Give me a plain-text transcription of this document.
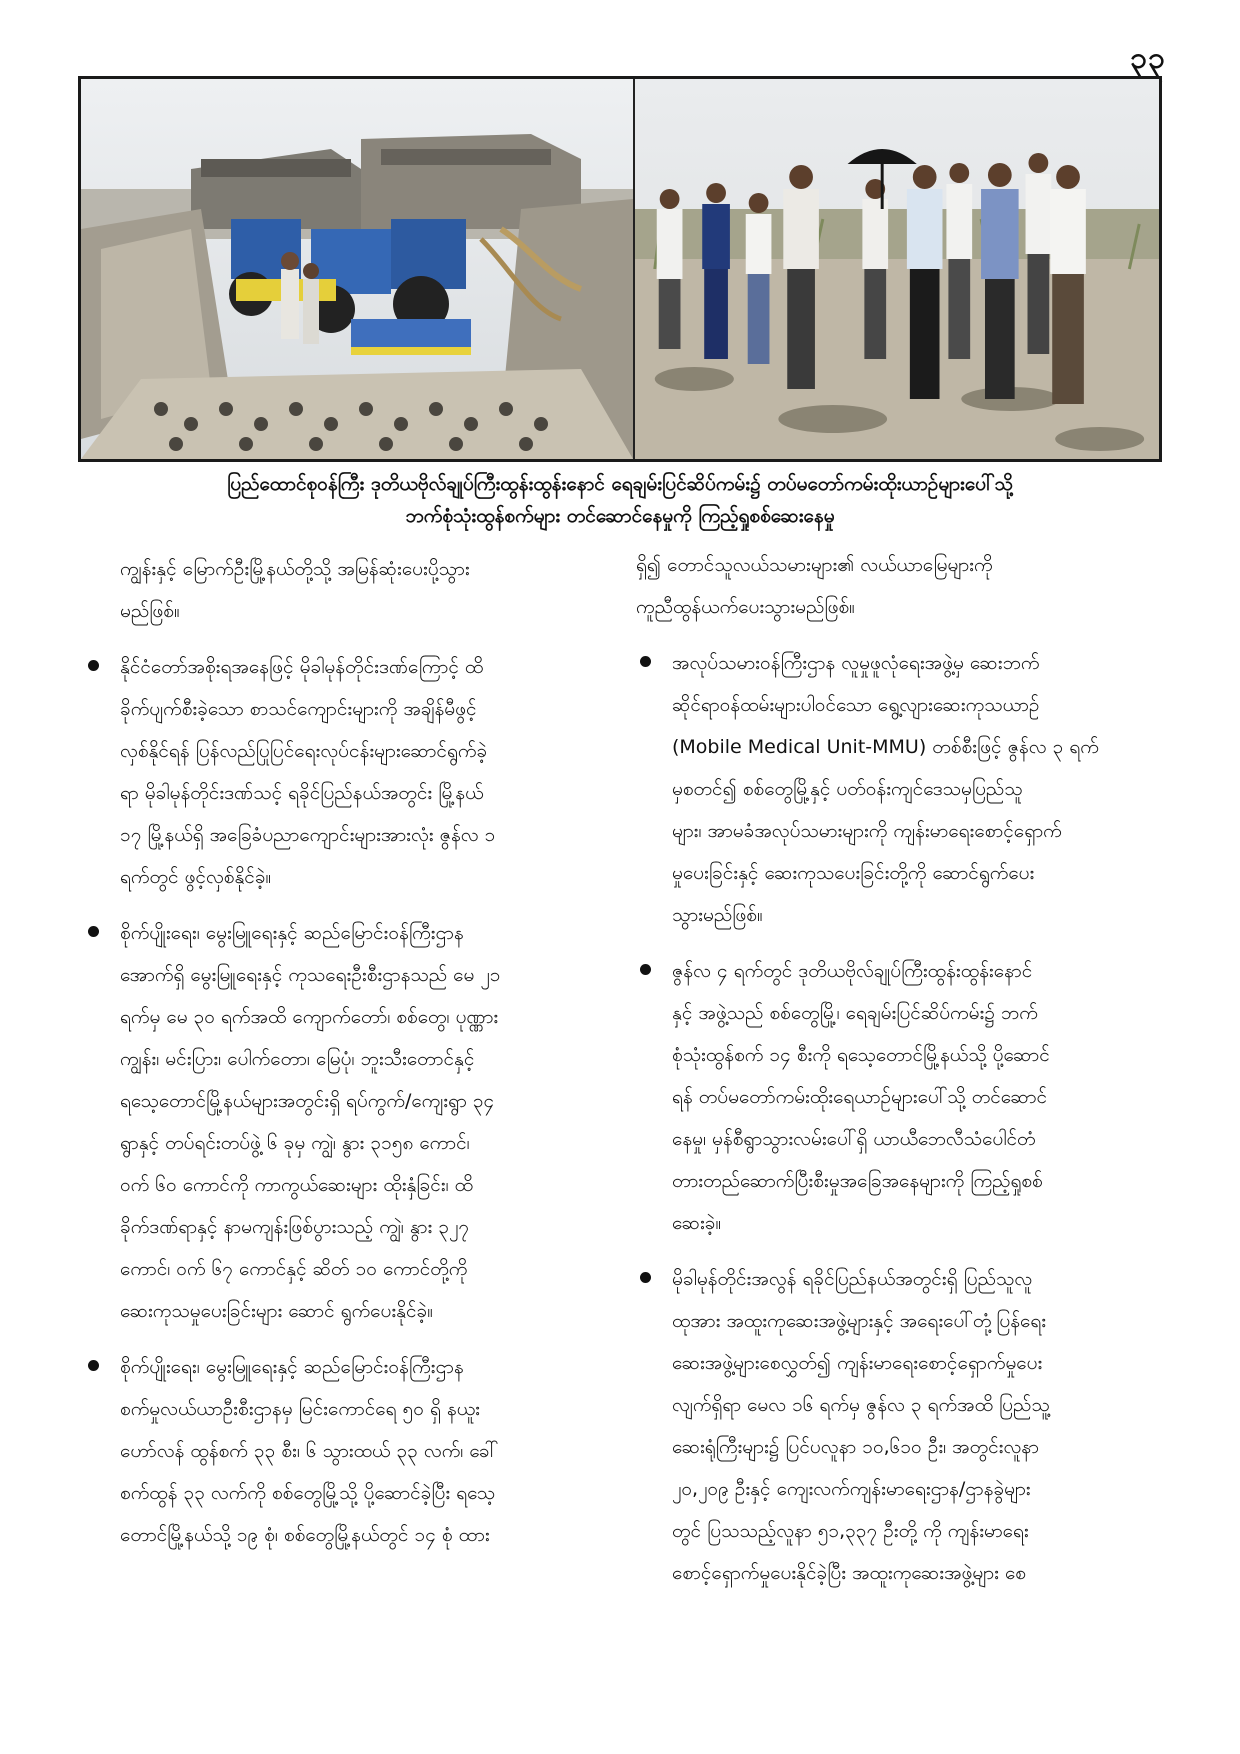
၃၃
ပြည်ထောင်စုဝန်ကြီး ဒုတိယဗိုလ်ချုပ်ကြီးထွန်းထွန်းနောင် ရေချမ်းပြင်ဆိပ်ကမ်း၌ တပ်မတော်ကမ်းထိုးယာဉ်များပေါ်သို့
ဘက်စုံသုံးထွန်စက်များ တင်ဆောင်နေမှုကို ကြည့်ရှုစစ်ဆေးနေမှု
ကျွန်းနှင့် မြောက်ဦးမြို့နယ်တို့သို့ အမြန်ဆုံးပေးပို့သွား
မည်ဖြစ်။
နိုင်ငံတော်အစိုးရအနေဖြင့် မိုခါမုန်တိုင်းဒဏ်ကြောင့် ထိ
ခိုက်ပျက်စီးခဲ့သော စာသင်ကျောင်းများကို အချိန်မီဖွင့်
လှစ်နိုင်ရန် ပြန်လည်ပြုပြင်ရေးလုပ်ငန်းများဆောင်ရွက်ခဲ့
ရာ မိုခါမုန်တိုင်းဒဏ်သင့် ရခိုင်ပြည်နယ်အတွင်း မြို့နယ်
၁၇ မြို့နယ်ရှိ အခြေခံပညာကျောင်းများအားလုံး ဇွန်လ ၁
ရက်တွင် ဖွင့်လှစ်နိုင်ခဲ့။
စိုက်ပျိုးရေး၊ မွေးမြူရေးနှင့် ဆည်မြောင်းဝန်ကြီးဌာန
အောက်ရှိ မွေးမြူရေးနှင့် ကုသရေးဦးစီးဌာနသည် မေ ၂၁
ရက်မှ မေ ၃၀ ရက်အထိ ကျောက်တော်၊ စစ်တွေ၊ ပုဏ္ဏား
ကျွန်း၊ မင်းပြား၊ ပေါက်တော၊ မြေပုံ၊ ဘူးသီးတောင်နှင့်
ရသေ့တောင်မြို့နယ်များအတွင်းရှိ ရပ်ကွက်/ကျေးရွာ ၃၄
ရွာနှင့် တပ်ရင်းတပ်ဖွဲ့ ၆ ခုမှ ကျွဲ၊ နွား ၃၁၅၈ ကောင်၊
ဝက် ၆၀ ကောင်ကို ကာကွယ်ဆေးများ ထိုးနှံခြင်း၊ ထိ
ခိုက်ဒဏ်ရာနှင့် နာမကျန်းဖြစ်ပွားသည့် ကျွဲ၊ နွား ၃၂၇
ကောင်၊ ဝက် ၆၇ ကောင်နှင့် ဆိတ် ၁၀ ကောင်တို့ကို
ဆေးကုသမှုပေးခြင်းများ ဆောင် ရွက်ပေးနိုင်ခဲ့။
စိုက်ပျိုးရေး၊ မွေးမြူရေးနှင့် ဆည်မြောင်းဝန်ကြီးဌာန
စက်မှုလယ်ယာဦးစီးဌာနမှ မြင်းကောင်ရေ ၅၀ ရှိ နယူး
ဟော်လန် ထွန်စက် ၃၃ စီး၊ ၆ သွားထယ် ၃၃ လက်၊ ခေါ်
စက်ထွန် ၃၃ လက်ကို စစ်တွေမြို့သို့ ပို့ဆောင်ခဲ့ပြီး ရသေ့
တောင်မြို့နယ်သို့ ၁၉ စုံ၊ စစ်တွေမြို့နယ်တွင် ၁၄ စုံ ထား
ရှိ၍ တောင်သူလယ်သမားများ၏ လယ်ယာမြေများကို
ကူညီထွန်ယက်ပေးသွားမည်ဖြစ်။
အလုပ်သမားဝန်ကြီးဌာန လူမှုဖူလုံရေးအဖွဲ့မှ ဆေးဘက်
ဆိုင်ရာဝန်ထမ်းများပါဝင်သော ရွေ့လျားဆေးကုသယာဉ်
(Mobile Medical Unit-MMU) တစ်စီးဖြင့် ဇွန်လ ၃ ရက်
မှစတင်၍ စစ်တွေမြို့နှင့် ပတ်ဝန်းကျင်ဒေသမှပြည်သူ
များ၊ အာမခံအလုပ်သမားများကို ကျန်းမာရေးစောင့်ရှောက်
မှုပေးခြင်းနှင့် ဆေးကုသပေးခြင်းတို့ကို ဆောင်ရွက်ပေး
သွားမည်ဖြစ်။
ဇွန်လ ၄ ရက်တွင် ဒုတိယဗိုလ်ချုပ်ကြီးထွန်းထွန်းနောင်
နှင့် အဖွဲ့သည် စစ်တွေမြို့၊ ရေချမ်းပြင်ဆိပ်ကမ်း၌ ဘက်
စုံသုံးထွန်စက် ၁၄ စီးကို ရသေ့တောင်မြို့နယ်သို့ ပို့ဆောင်
ရန် တပ်မတော်ကမ်းထိုးရေယာဉ်များပေါ်သို့ တင်ဆောင်
နေမှု၊ မှန်စီရွာသွားလမ်းပေါ်ရှိ ယာယီဘေလီသံပေါင်တံ
တားတည်ဆောက်ပြီးစီးမှုအခြေအနေများကို ကြည့်ရှုစစ်
ဆေးခဲ့။
မိုခါမုန်တိုင်းအလွန် ရခိုင်ပြည်နယ်အတွင်းရှိ ပြည်သူလူ
ထုအား အထူးကုဆေးအဖွဲ့များနှင့် အရေးပေါ်တုံ့ပြန်ရေး
ဆေးအဖွဲ့များစေလွှတ်၍ ကျန်းမာရေးစောင့်ရှောက်မှုပေး
လျက်ရှိရာ မေလ ၁၆ ရက်မှ ဇွန်လ ၃ ရက်အထိ ပြည်သူ့
ဆေးရုံကြီးများ၌ ပြင်ပလူနာ ၁၀,၆၁၀ ဦး၊ အတွင်းလူနာ
၂၀,၂၀၉ ဦးနှင့် ကျေးလက်ကျန်းမာရေးဌာန/ဌာနခွဲများ
တွင် ပြသသည့်လူနာ ၅၁,၃၃၇ ဦးတို့ ကို ကျန်းမာရေး
စောင့်ရှောက်မှုပေးနိုင်ခဲ့ပြီး အထူးကုဆေးအဖွဲ့များ စေ
